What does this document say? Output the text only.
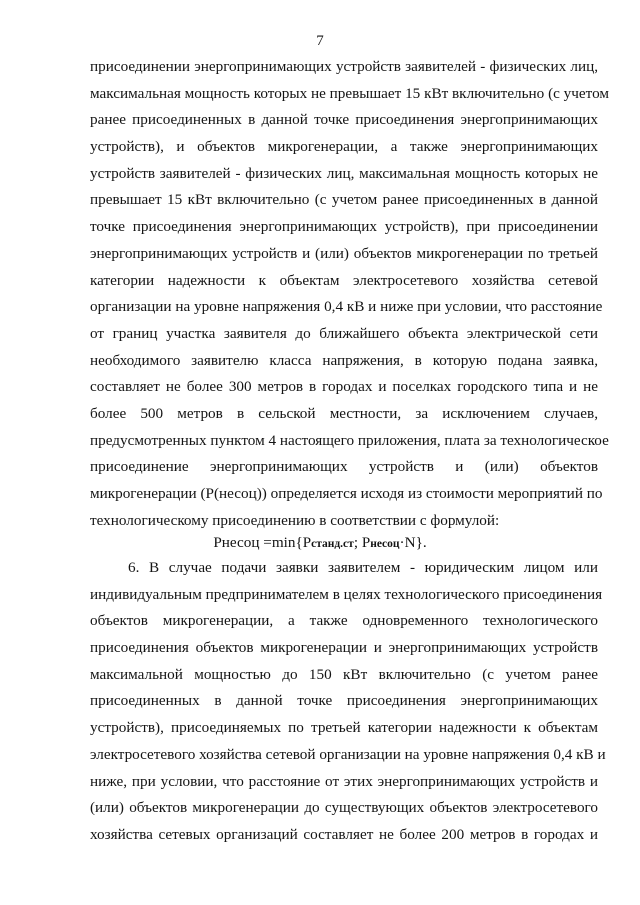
7
присоединении энергопринимающих устройств заявителей - физических лиц,
максимальная мощность которых не превышает 15 кВт включительно (с учетом
ранее присоединенных в данной точке присоединения энергопринимающих
устройств), и объектов микрогенерации, а также энергопринимающих
устройств заявителей - физических лиц, максимальная мощность которых не
превышает 15 кВт включительно (с учетом ранее присоединенных в данной
точке присоединения энергопринимающих устройств), при присоединении
энергопринимающих устройств и (или) объектов микрогенерации по третьей
категории надежности к объектам электросетевого хозяйства сетевой
организации на уровне напряжения 0,4 кВ и ниже при условии, что расстояние
от границ участка заявителя до ближайшего объекта электрической сети
необходимого заявителю класса напряжения, в которую подана заявка,
составляет не более 300 метров в городах и поселках городского типа и не
более 500 метров в сельской местности, за исключением случаев,
предусмотренных пунктом 4 настоящего приложения, плата за технологическое
присоединение энергопринимающих устройств и (или) объектов
микрогенерации (Р(несоц)) определяется исходя из стоимости мероприятий по
технологическому присоединению в соответствии с формулой:
Рнесоц =min{Рстанд.ст; Рнесоц·N}.
6. В случае подачи заявки заявителем - юридическим лицом или
индивидуальным предпринимателем в целях технологического присоединения
объектов микрогенерации, а также одновременного технологического
присоединения объектов микрогенерации и энергопринимающих устройств
максимальной мощностью до 150 кВт включительно (с учетом ранее
присоединенных в данной точке присоединения энергопринимающих
устройств), присоединяемых по третьей категории надежности к объектам
электросетевого хозяйства сетевой организации на уровне напряжения 0,4 кВ и
ниже, при условии, что расстояние от этих энергопринимающих устройств и
(или) объектов микрогенерации до существующих объектов электросетевого
хозяйства сетевых организаций составляет не более 200 метров в городах и
